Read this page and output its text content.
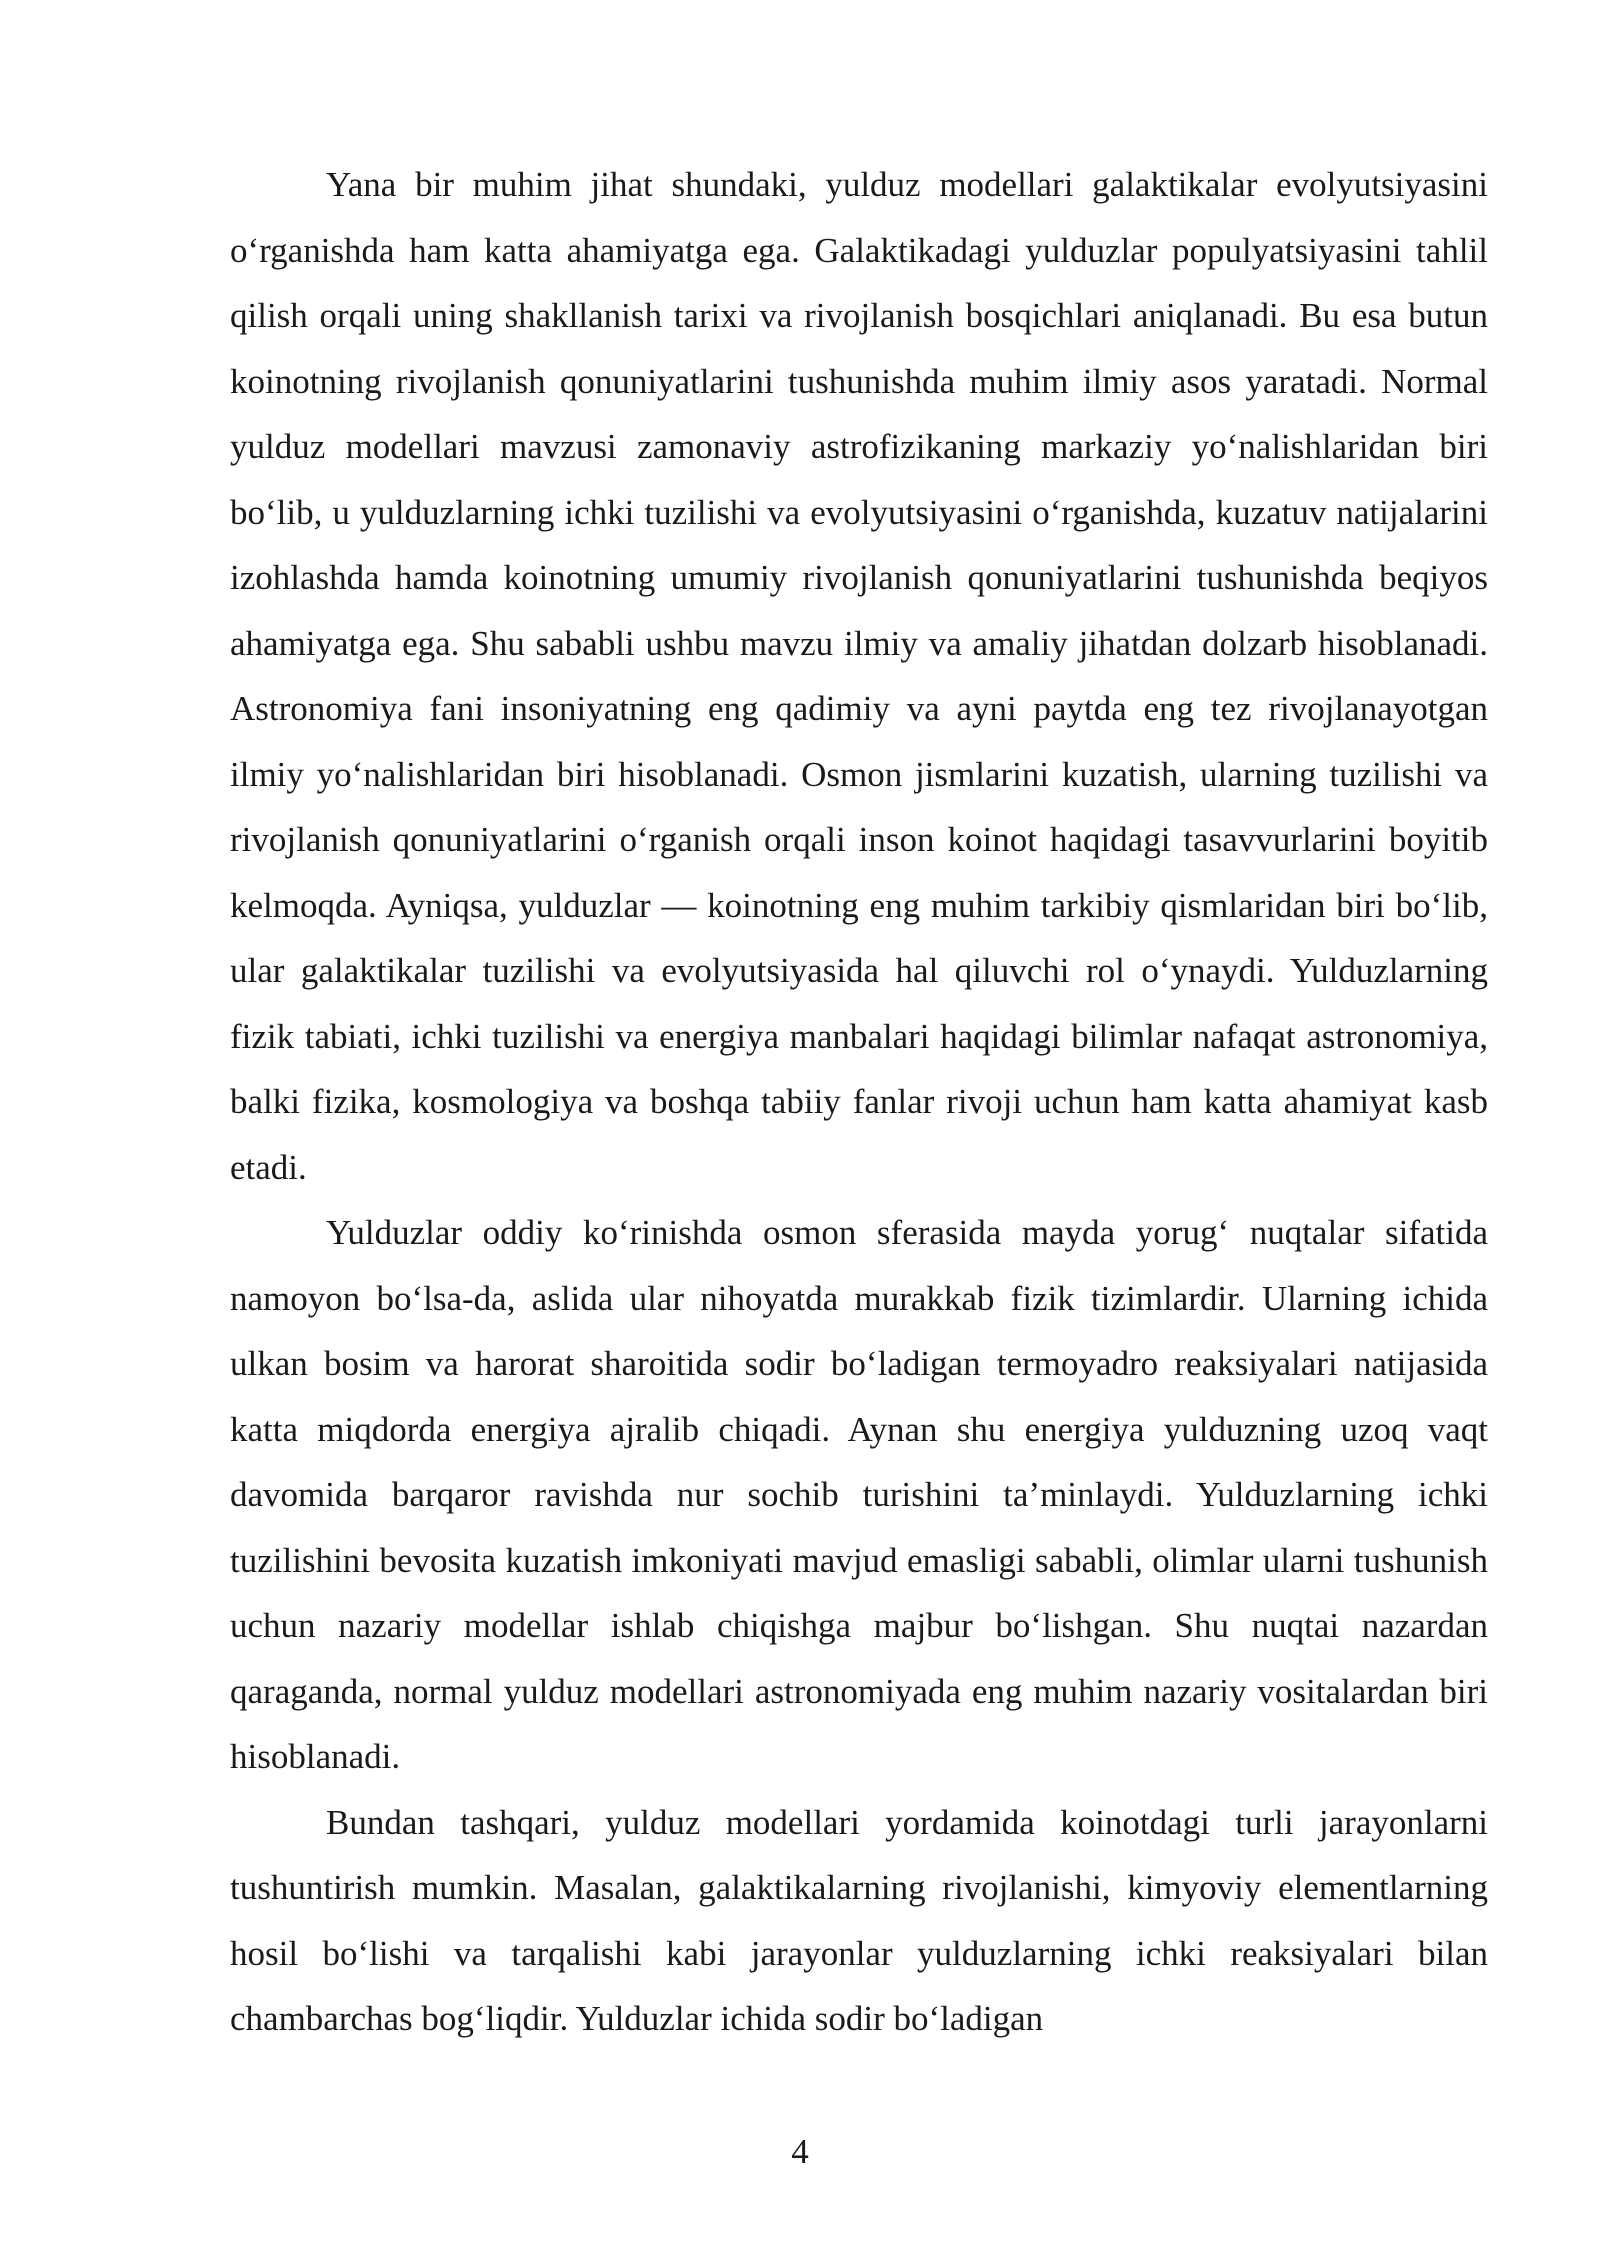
Yana bir muhim jihat shundaki, yulduz modellari galaktikalar evolyutsiyasini o‘rganishda ham katta ahamiyatga ega. Galaktikadagi yulduzlar populyatsiyasini tahlil qilish orqali uning shakllanish tarixi va rivojlanish bosqichlari aniqlanadi. Bu esa butun koinotning rivojlanish qonuniyatlarini tushunishda muhim ilmiy asos yaratadi. Normal yulduz modellari mavzusi zamonaviy astrofizikaning markaziy yo‘nalishlaridan biri bo‘lib, u yulduzlarning ichki tuzilishi va evolyutsiyasini o‘rganishda, kuzatuv natijalarini izohlashda hamda koinotning umumiy rivojlanish qonuniyatlarini tushunishda beqiyos ahamiyatga ega. Shu sababli ushbu mavzu ilmiy va amaliy jihatdan dolzarb hisoblanadi. Astronomiya fani insoniyatning eng qadimiy va ayni paytda eng tez rivojlanayotgan ilmiy yo‘nalishlaridan biri hisoblanadi. Osmon jismlarini kuzatish, ularning tuzilishi va rivojlanish qonuniyatlarini o‘rganish orqali inson koinot haqidagi tasavvurlarini boyitib kelmoqda. Ayniqsa, yulduzlar — koinotning eng muhim tarkibiy qismlaridan biri bo‘lib, ular galaktikalar tuzilishi va evolyutsiyasida hal qiluvchi rol o‘ynaydi. Yulduzlarning fizik tabiati, ichki tuzilishi va energiya manbalari haqidagi bilimlar nafaqat astronomiya, balki fizika, kosmologiya va boshqa tabiiy fanlar rivoji uchun ham katta ahamiyat kasb etadi.

Yulduzlar oddiy ko‘rinishda osmon sferasida mayda yorug‘ nuqtalar sifatida namoyon bo‘lsa-da, aslida ular nihoyatda murakkab fizik tizimlardir. Ularning ichida ulkan bosim va harorat sharoitida sodir bo‘ladigan termoyadro reaksiyalari natijasida katta miqdorda energiya ajralib chiqadi. Aynan shu energiya yulduzning uzoq vaqt davomida barqaror ravishda nur sochib turishini ta’minlaydi. Yulduzlarning ichki tuzilishini bevosita kuzatish imkoniyati mavjud emasligi sababli, olimlar ularni tushunish uchun nazariy modellar ishlab chiqishga majbur bo‘lishgan. Shu nuqtai nazardan qaraganda, normal yulduz modellari astronomiyada eng muhim nazariy vositalardan biri hisoblanadi.

Bundan tashqari, yulduz modellari yordamida koinotdagi turli jarayonlarni tushuntirish mumkin. Masalan, galaktikalarning rivojlanishi, kimyoviy elementlarning hosil bo‘lishi va tarqalishi kabi jarayonlar yulduzlarning ichki reaksiyalari bilan chambarchas bog‘liqdir. Yulduzlar ichida sodir bo‘ladigan

4
